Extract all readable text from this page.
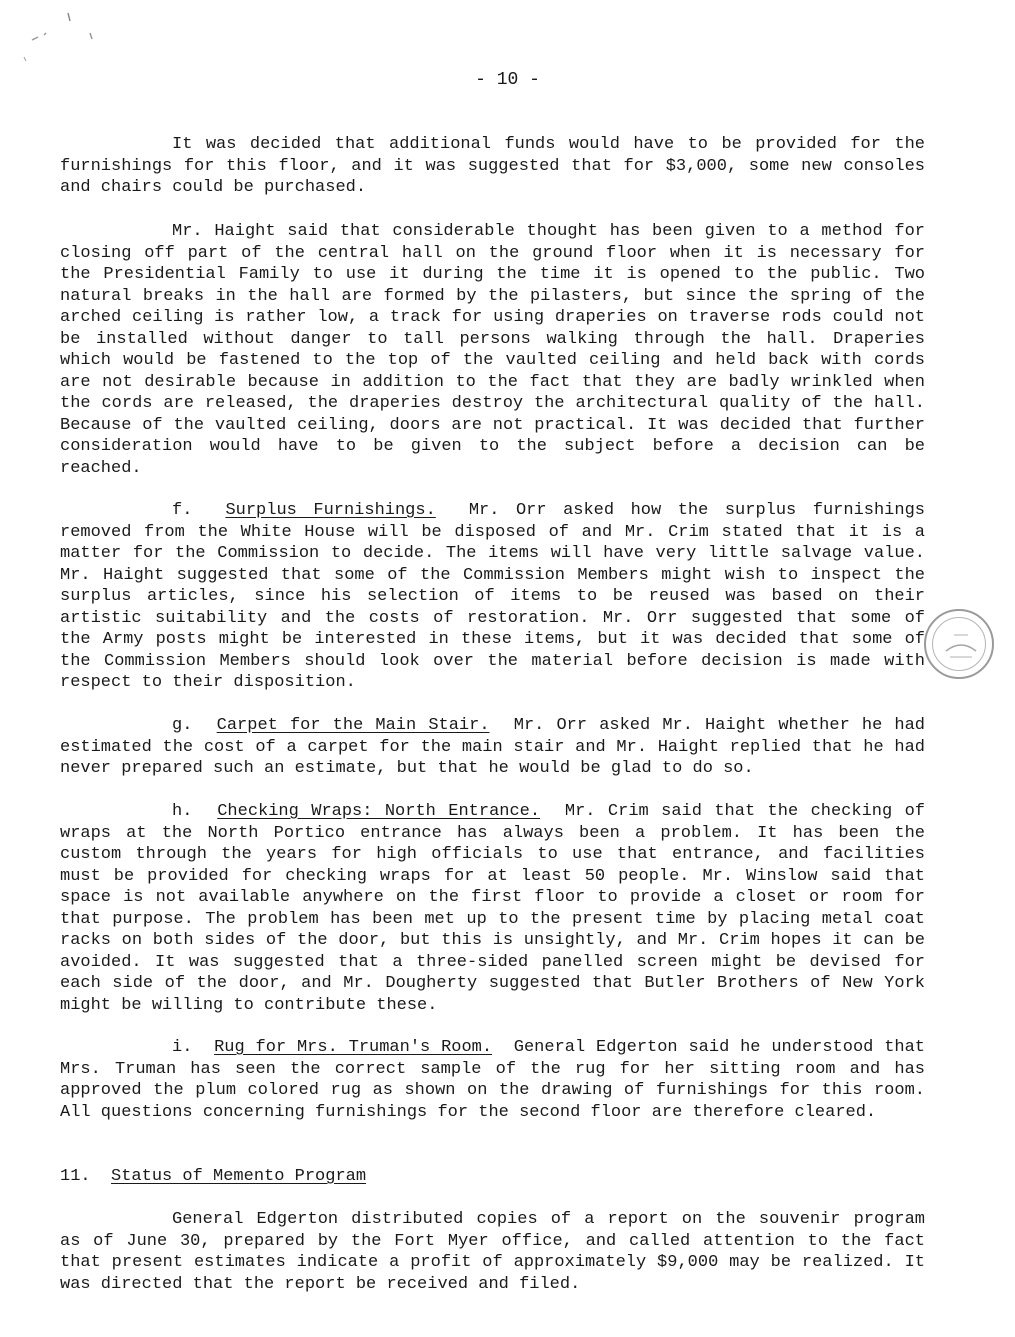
- 10 -

It was decided that additional funds would have to be provided for the furnishings for this floor, and it was suggested that for $3,000, some new consoles and chairs could be purchased.

Mr. Haight said that considerable thought has been given to a method for closing off part of the central hall on the ground floor when it is necessary for the Presidential Family to use it during the time it is opened to the public. Two natural breaks in the hall are formed by the pilasters, but since the spring of the arched ceiling is rather low, a track for using draperies on traverse rods could not be installed without danger to tall persons walking through the hall. Draperies which would be fastened to the top of the vaulted ceiling and held back with cords are not desirable because in addition to the fact that they are badly wrinkled when the cords are released, the draperies destroy the architectural quality of the hall. Because of the vaulted ceiling, doors are not practical. It was decided that further consideration would have to be given to the subject before a decision can be reached.

f. Surplus Furnishings. Mr. Orr asked how the surplus furnishings removed from the White House will be disposed of and Mr. Crim stated that it is a matter for the Commission to decide. The items will have very little salvage value. Mr. Haight suggested that some of the Commission Members might wish to inspect the surplus articles, since his selection of items to be reused was based on their artistic suitability and the costs of restoration. Mr. Orr suggested that some of the Army posts might be interested in these items, but it was decided that some of the Commission Members should look over the material before decision is made with respect to their disposition.

g. Carpet for the Main Stair. Mr. Orr asked Mr. Haight whether he had estimated the cost of a carpet for the main stair and Mr. Haight replied that he had never prepared such an estimate, but that he would be glad to do so.

h. Checking Wraps: North Entrance. Mr. Crim said that the checking of wraps at the North Portico entrance has always been a problem. It has been the custom through the years for high officials to use that entrance, and facilities must be provided for checking wraps for at least 50 people. Mr. Winslow said that space is not available anywhere on the first floor to provide a closet or room for that purpose. The problem has been met up to the present time by placing metal coat racks on both sides of the door, but this is unsightly, and Mr. Crim hopes it can be avoided. It was suggested that a three-sided panelled screen might be devised for each side of the door, and Mr. Dougherty suggested that Butler Brothers of New York might be willing to contribute these.

i. Rug for Mrs. Truman's Room. General Edgerton said he understood that Mrs. Truman has seen the correct sample of the rug for her sitting room and has approved the plum colored rug as shown on the drawing of furnishings for this room. All questions concerning furnishings for the second floor are therefore cleared.

11. Status of Memento Program

General Edgerton distributed copies of a report on the souvenir program as of June 30, prepared by the Fort Myer office, and called attention to the fact that present estimates indicate a profit of approximately $9,000 may be realized. It was directed that the report be received and filed.
